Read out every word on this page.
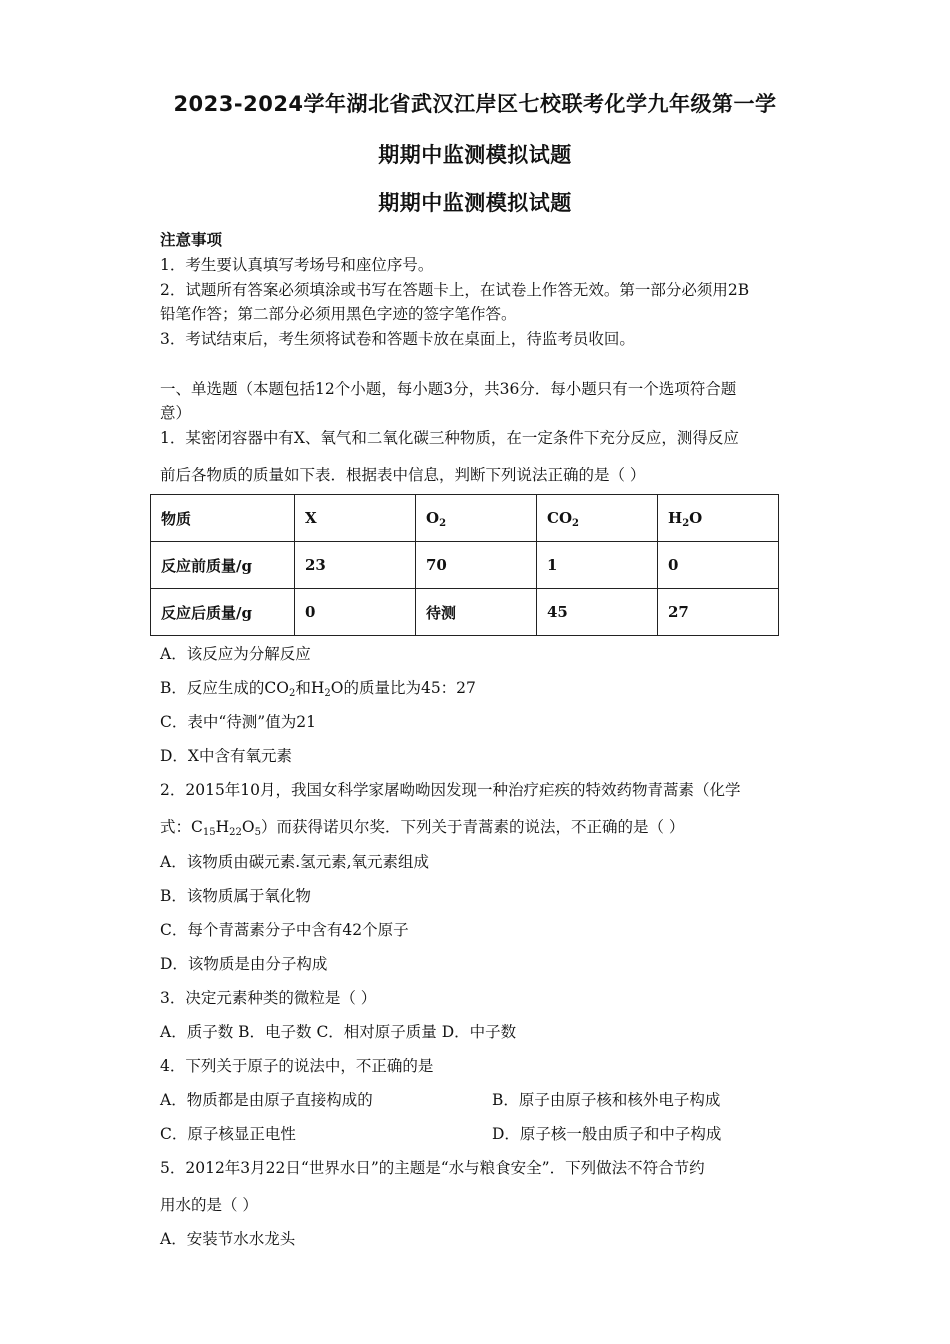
2023-2024学年湖北省武汉江岸区七校联考化学九年级第一学
期期中监测模拟试题
期期中监测模拟试题
注意事项
1．考生要认真填写考场号和座位序号。
2．试题所有答案必须填涂或书写在答题卡上，在试卷上作答无效。第一部分必须用2B
铅笔作答；第二部分必须用黑色字迹的签字笔作答。
3．考试结束后，考生须将试卷和答题卡放在桌面上，待监考员收回。
一、单选题（本题包括12个小题，每小题3分，共36分．每小题只有一个选项符合题
意）
1．某密闭容器中有X、氧气和二氧化碳三种物质，在一定条件下充分反应，测得反应
前后各物质的质量如下表．根据表中信息，判断下列说法正确的是（ ）
物质	X	$O_2$	$CO_2$	$H_2O$
反应前质量/g	23	70	1	0
反应后质量/g	0	待测	45	27
A．该反应为分解反应
B．反应生成的$CO_2$和$H_2O$的质量比为45：27
C．表中“待测”值为21
D．X中含有氧元素
2．2015年10月，我国女科学家屠呦呦因发现一种治疗疟疾的特效药物青蒿素（化学
式：$C_{15}H_{22}O_5$）而获得诺贝尔奖．下列关于青蒿素的说法，不正确的是（ ）
A．该物质由碳元素.氢元素,氧元素组成
B．该物质属于氧化物
C．每个青蒿素分子中含有42个原子
D．该物质是由分子构成
3．决定元素种类的微粒是（ ）
A．质子数 B．电子数 C．相对原子质量 D．中子数
4．下列关于原子的说法中，不正确的是
A．物质都是由原子直接构成的	B．原子由原子核和核外电子构成
C．原子核显正电性	D．原子核一般由质子和中子构成
5．2012年3月22日“世界水日”的主题是“水与粮食安全”．下列做法不符合节约
用水的是（ ）
A．安装节水水龙头
